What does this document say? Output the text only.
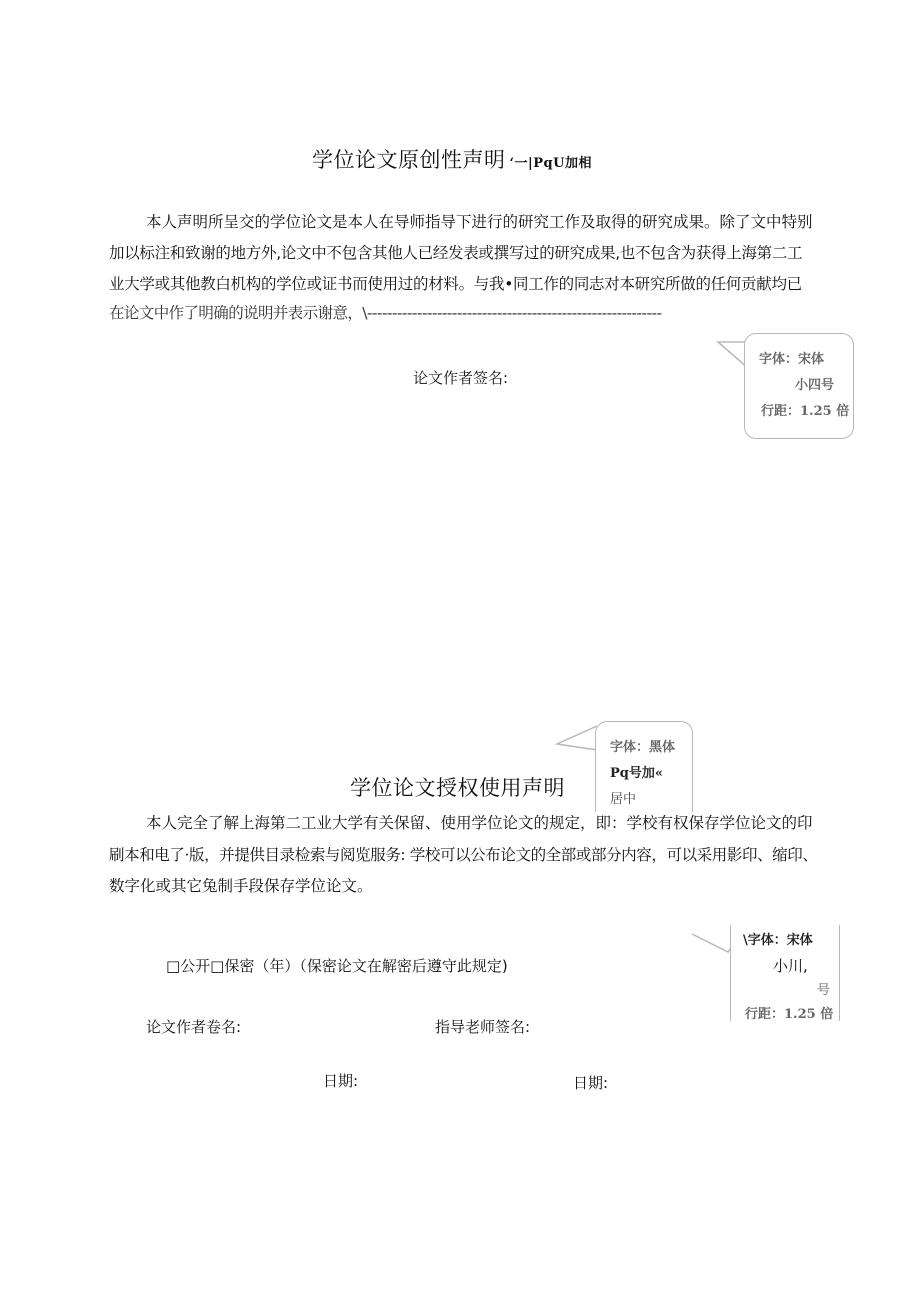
学位论文原创性声明 ‘一|PqU加相
本人声明所呈交的学位论文是本人在导师指导下进行的研究工作及取得的研究成果。除了文中特别
加以标注和致谢的地方外,论文中不包含其他人已经发表或撰写过的研究成果,也不包含为获得上海第二工
业大学或其他教白机构的学位或证书而使用过的材料。与我•同工作的同志对本研究所做的任何贡献均已
在论文中作了明确的说明并表示谢意，\-----------------------------------------------------------
论文作者签名:
字体：宋体
小四号
行距：1.25 倍
字体：黑体
Pq号加«
居中
学位论文授权使用声明
本人完全了解上海第二工业大学有关保留、使用学位论文的规定，即：学校有权保存学位论文的印
刷本和电了·版，并提供目录检索与阅览服务: 学校可以公布论文的全部或部分内容，可以采用影印、缩印、
数字化或其它兔制手段保存学位论文。
\字体：宋体
小川,
　　号
行距：1.25 倍
□公开□保密（年）（保密论文在解密后遵守此规定)
论文作者卷名:	指导老师签名:
日期:	日期:
